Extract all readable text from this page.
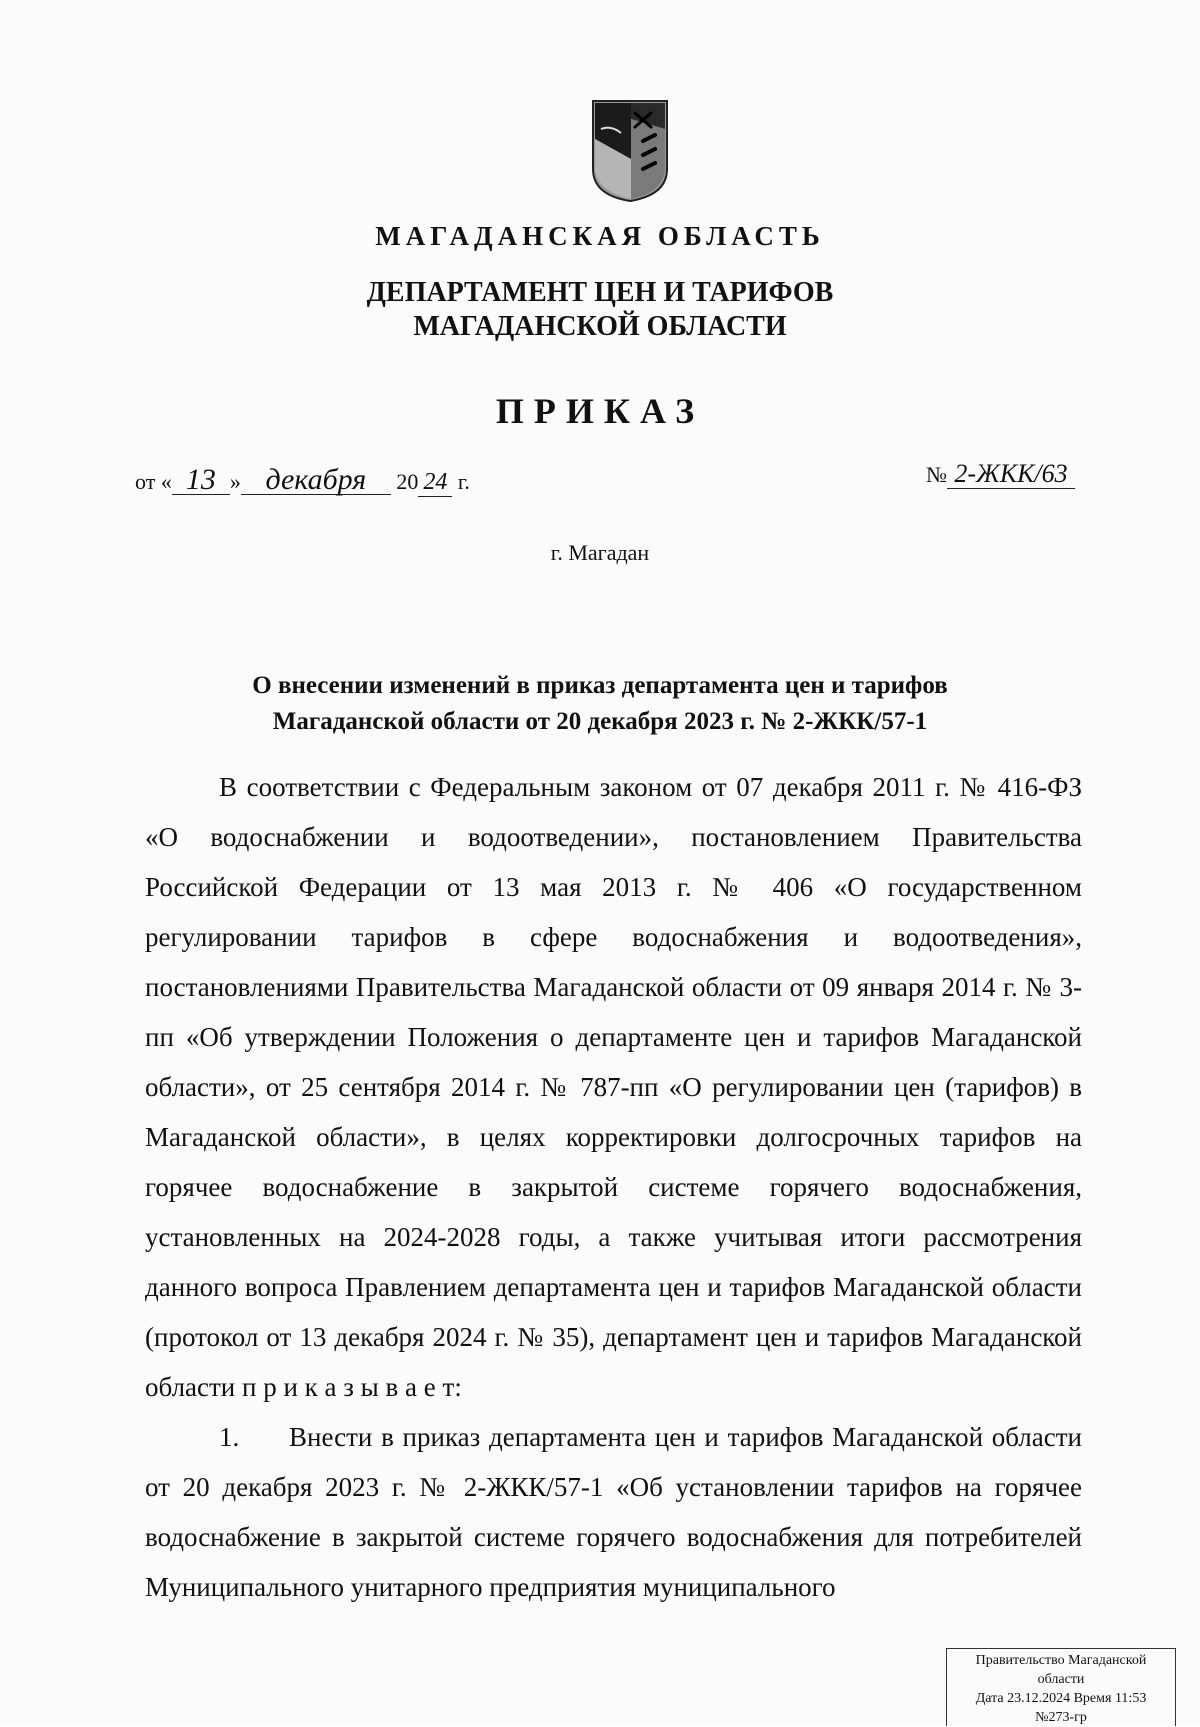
МАГАДАНСКАЯ ОБЛАСТЬ
ДЕПАРТАМЕНТ ЦЕН И ТАРИФОВ
МАГАДАНСКОЙ ОБЛАСТИ
ПРИКАЗ
от « 13 » декабря 20 24 г.	№ 2-ЖКК/63
г. Магадан
О внесении изменений в приказ департамента цен и тарифов
Магаданской области от 20 декабря 2023 г. № 2-ЖКК/57-1

В соответствии с Федеральным законом от 07 декабря 2011 г. № 416-ФЗ «О водоснабжении и водоотведении», постановлением Правительства Российской Федерации от 13 мая 2013 г. № 406 «О государственном регулировании тарифов в сфере водоснабжения и водоотведения», постановлениями Правительства Магаданской области от 09 января 2014 г. № 3-пп «Об утверждении Положения о департаменте цен и тарифов Магаданской области», от 25 сентября 2014 г. № 787-пп «О регулировании цен (тарифов) в Магаданской области», в целях корректировки долгосрочных тарифов на горячее водоснабжение в закрытой системе горячего водоснабжения, установленных на 2024-2028 годы, а также учитывая итоги рассмотрения данного вопроса Правлением департамента цен и тарифов Магаданской области (протокол от 13 декабря 2024 г. № 35), департамент цен и тарифов Магаданской области п р и к а з ы в а е т:

1. Внести в приказ департамента цен и тарифов Магаданской области от 20 декабря 2023 г. № 2-ЖКК/57-1 «Об установлении тарифов на горячее водоснабжение в закрытой системе горячего водоснабжения для потребителей Муниципального унитарного предприятия муниципального

Правительство Магаданской
области
Дата 23.12.2024 Время 11:53
№273-гр
